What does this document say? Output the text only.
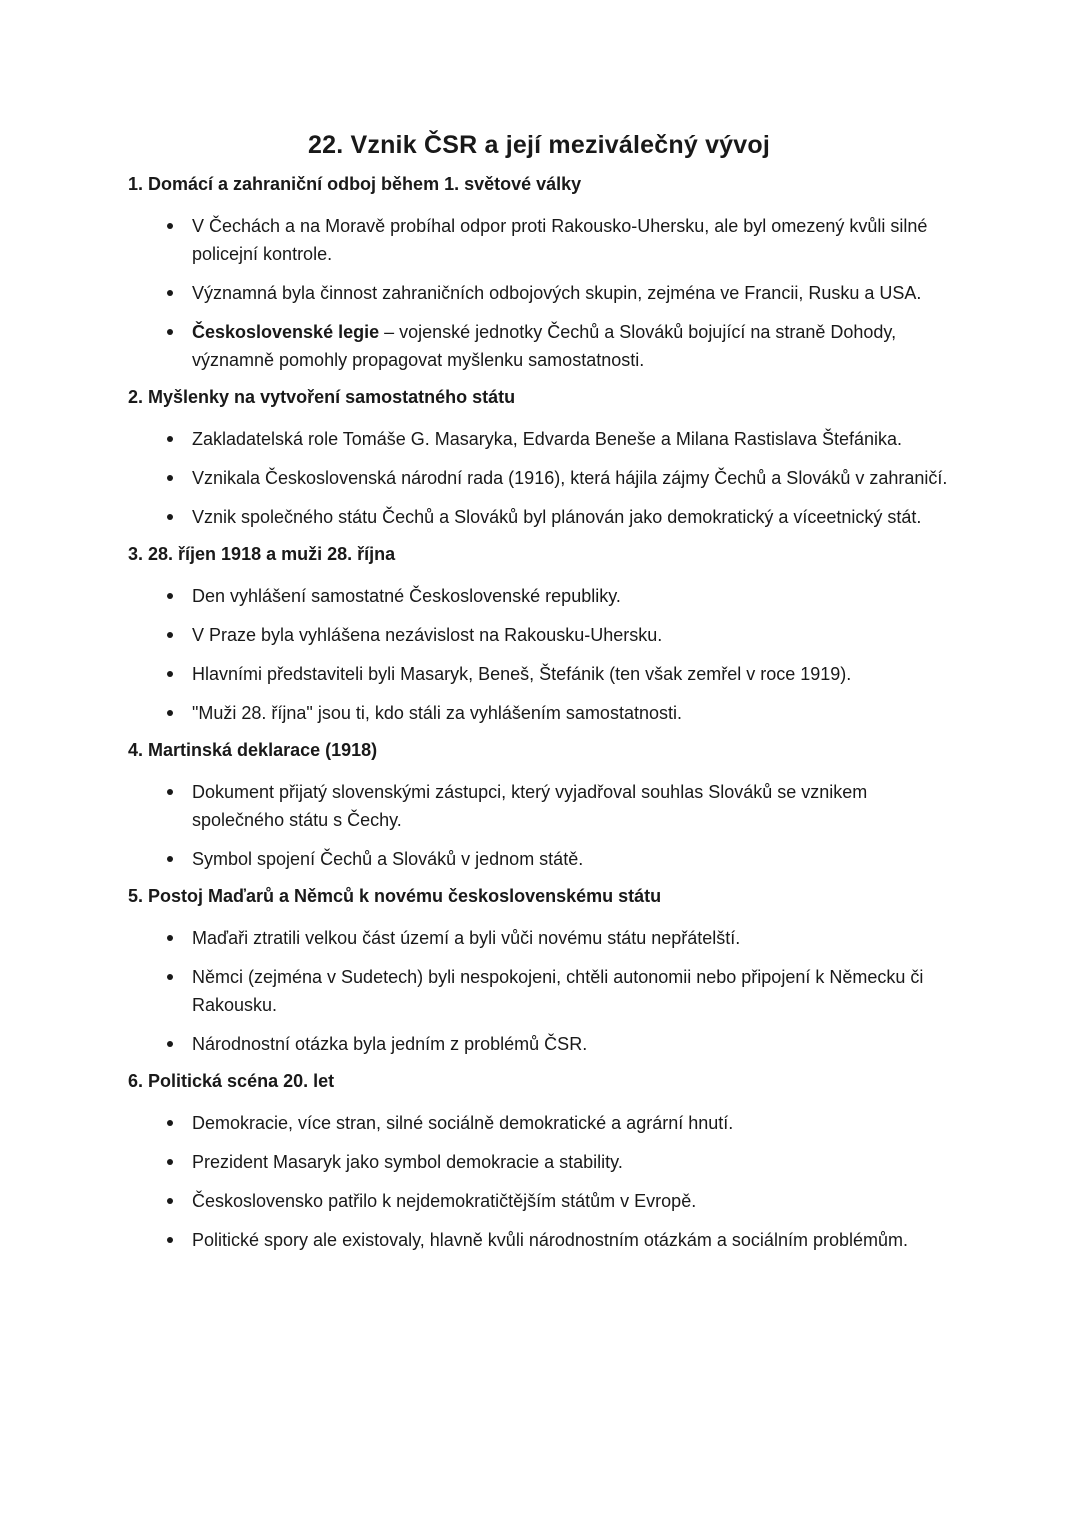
22. Vznik ČSR a její meziválečný vývoj
1. Domácí a zahraniční odboj během 1. světové války
V Čechách a na Moravě probíhal odpor proti Rakousko-Uhersku, ale byl omezený kvůli silné policejní kontrole.
Významná byla činnost zahraničních odbojových skupin, zejména ve Francii, Rusku a USA.
Československé legie – vojenské jednotky Čechů a Slováků bojující na straně Dohody, významně pomohly propagovat myšlenku samostatnosti.
2. Myšlenky na vytvoření samostatného státu
Zakladatelská role Tomáše G. Masaryka, Edvarda Beneše a Milana Rastislava Štefánika.
Vznikala Československá národní rada (1916), která hájila zájmy Čechů a Slováků v zahraničí.
Vznik společného státu Čechů a Slováků byl plánován jako demokratický a víceetnický stát.
3. 28. říjen 1918 a muži 28. října
Den vyhlášení samostatné Československé republiky.
V Praze byla vyhlášena nezávislost na Rakousku-Uhersku.
Hlavními představiteli byli Masaryk, Beneš, Štefánik (ten však zemřel v roce 1919).
"Muži 28. října" jsou ti, kdo stáli za vyhlášením samostatnosti.
4. Martinská deklarace (1918)
Dokument přijatý slovenskými zástupci, který vyjadřoval souhlas Slováků se vznikem společného státu s Čechy.
Symbol spojení Čechů a Slováků v jednom státě.
5. Postoj Maďarů a Němců k novému československému státu
Maďaři ztratili velkou část území a byli vůči novému státu nepřátelští.
Němci (zejména v Sudetech) byli nespokojeni, chtěli autonomii nebo připojení k Německu či Rakousku.
Národnostní otázka byla jedním z problémů ČSR.
6. Politická scéna 20. let
Demokracie, více stran, silné sociálně demokratické a agrární hnutí.
Prezident Masaryk jako symbol demokracie a stability.
Československo patřilo k nejdemokratičtějším státům v Evropě.
Politické spory ale existovaly, hlavně kvůli národnostním otázkám a sociálním problémům.
